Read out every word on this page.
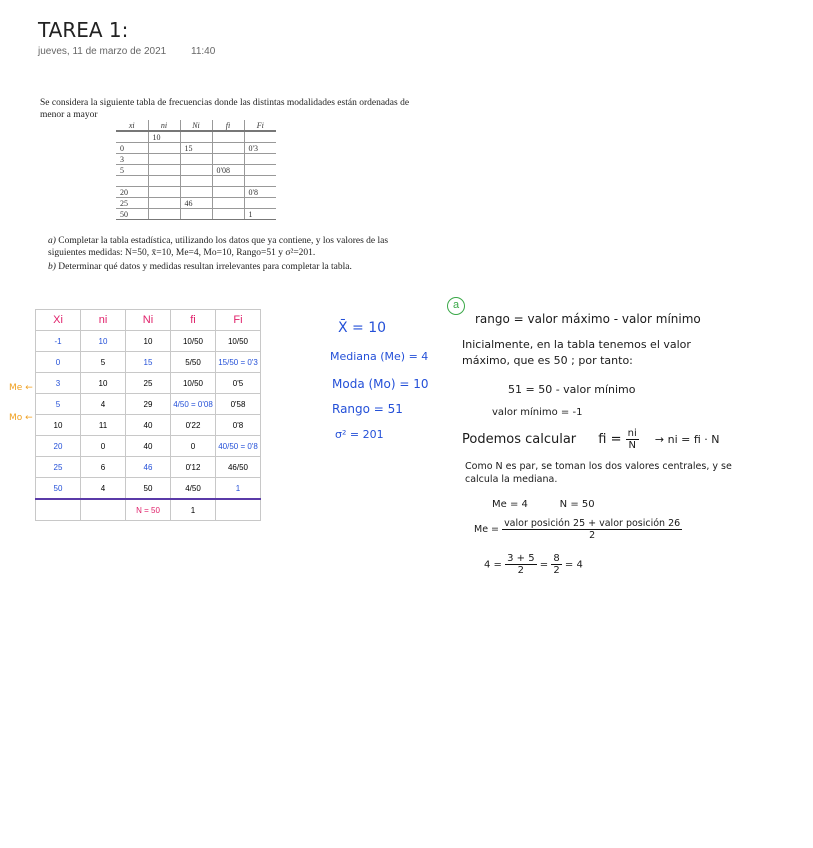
TAREA 1:
jueves, 11 de marzo de 2021 11:40
Se considera la siguiente tabla de frecuencias donde las distintas modalidades están ordenadas de menor a mayor
xi	ni	Ni	fi	Fi
	10			
0		15		0'3
3				
5			0'08	

20				0'8
25		46		
50				1
a) Completar la tabla estadística, utilizando los datos que ya contiene, y los valores de las siguientes medidas: N=50, x̄=10, Me=4, Mo=10, Rango=51 y σ²=201.
b) Determinar qué datos y medidas resultan irrelevantes para completar la tabla.
Xi	ni	Ni	fi	Fi
-1	10	10	10/50	10/50
0	5	15	5/50	15/50 = 0'3
3	10	25	10/50	0'5
5	4	29	4/50 = 0'08	0'58
10	11	40	0'22	0'8
20	0	40	0	40/50 = 0'8
25	6	46	0'12	46/50
50	4	50	4/50	1
		N = 50	1	
Me ←
Mo ←
X̄ = 10
Mediana (Me) = 4
Moda (Mo) = 10
Rango = 51
σ² = 201
a
rango = valor máximo - valor mínimo
Inicialmente, en la tabla tenemos el valor
máximo, que es 50 ; por tanto:
51 = 50 - valor mínimo
valor mínimo = -1
Podemos calcular fi = $\frac{ni}{N}$ → ni = fi · N
Como N es par, se toman los dos valores centrales, y se
calcula la mediana.
Me = 4          N = 50
$Me = \frac{\text{valor posición 25 + valor posición 26}}{2}$
$4 = \frac{3 + 5}{2} = \frac{8}{2} = 4$
